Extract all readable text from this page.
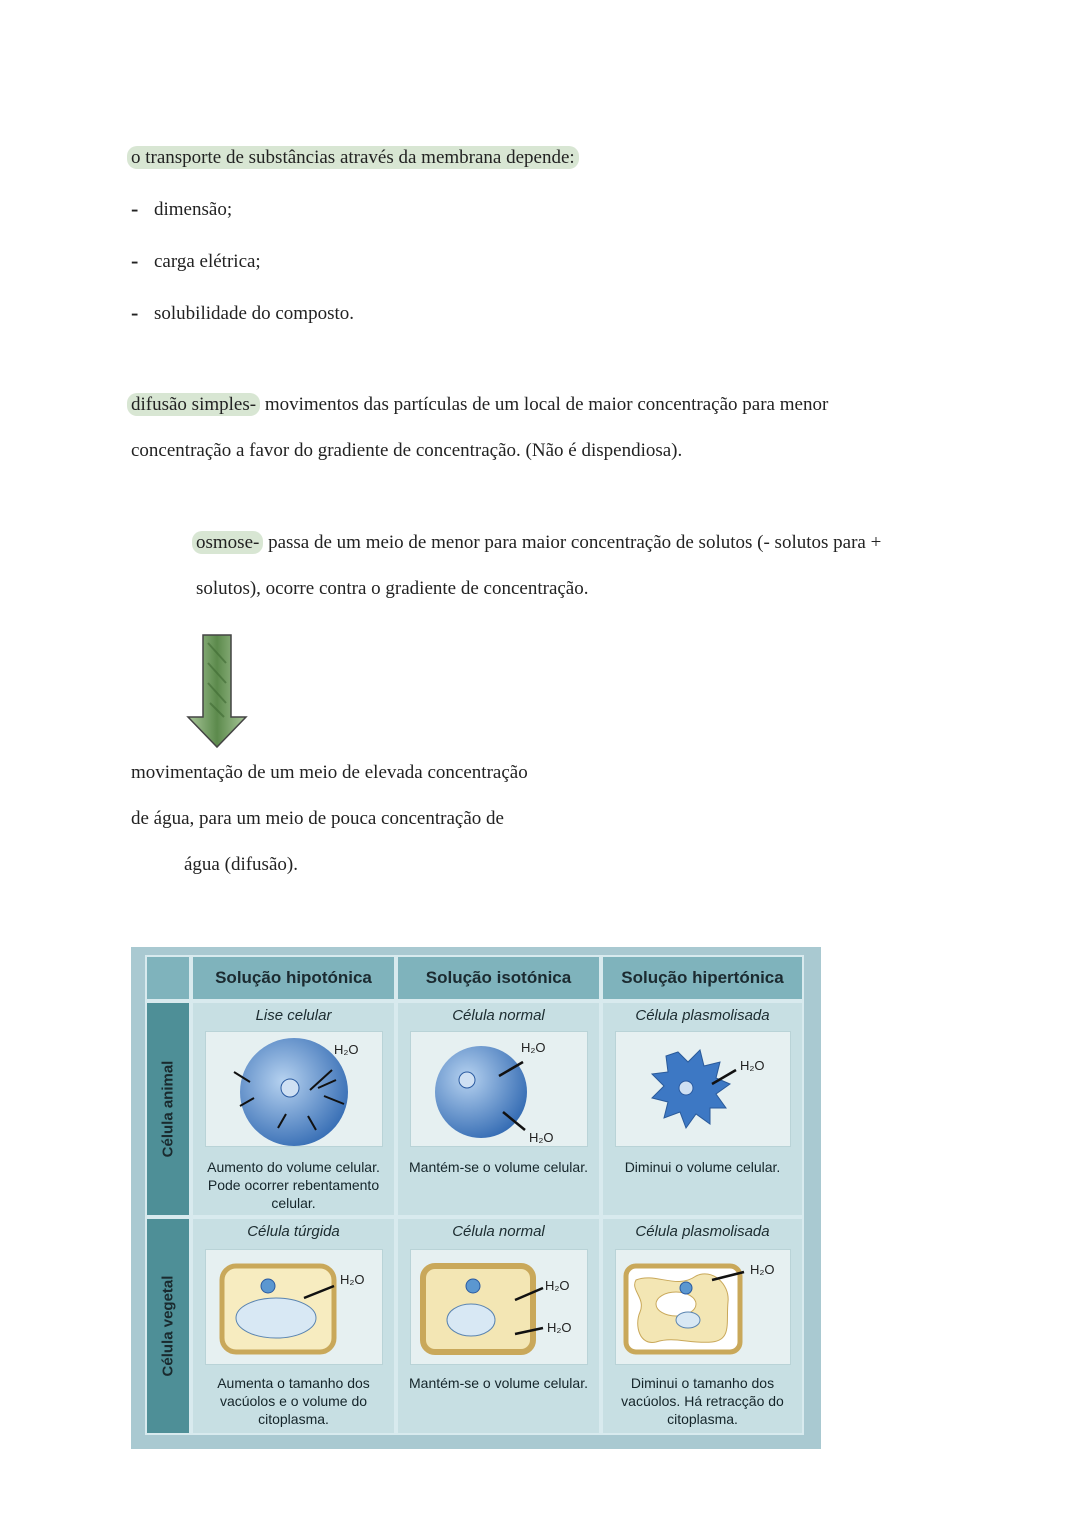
o transporte de substâncias através da membrana depende:
- dimensão;
- carga elétrica;
- solubilidade do composto.
difusão simples- movimentos das partículas de um local de maior concentração para menor
concentração a favor do gradiente de concentração. (Não é dispendiosa).
osmose- passa de um meio de menor para maior concentração de solutos (- solutos para +
solutos), ocorre contra o gradiente de concentração.
movimentação de um meio de elevada concentração
de água, para um meio de pouca concentração de
água (difusão).
Solução hipotónica	Solução isotónica	Solução hipertónica
Célula animal
Célula vegetal
Lise celular
H₂O
Aumento do volume celular. Pode ocorrer rebentamento celular.
Célula normal
H₂O
H₂O
Mantém-se o volume celular.
Célula plasmolisada
H₂O
Diminui o volume celular.
Célula túrgida
H₂O
Aumenta o tamanho dos vacúolos e o volume do citoplasma.
Célula normal
H₂O
H₂O
Mantém-se o volume celular.
Célula plasmolisada
H₂O
Diminui o tamanho dos vacúolos. Há retracção do citoplasma.
